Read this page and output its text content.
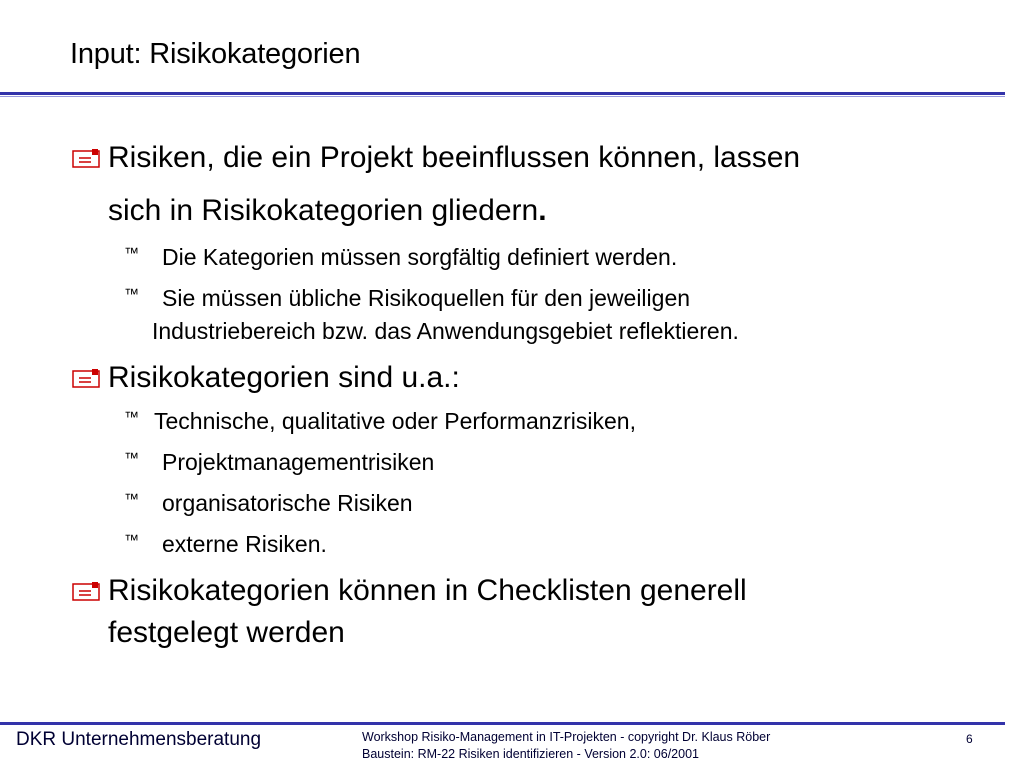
Input: Risikokategorien
Risiken, die ein Projekt beeinflussen können, lassen
sich in Risikokategorien gliedern.
™ Die Kategorien müssen sorgfältig definiert werden.
™ Sie müssen übliche Risikoquellen für den jeweiligen
Industriebereich bzw. das Anwendungsgebiet reflektieren.
Risikokategorien sind u.a.:
™ Technische, qualitative oder Performanzrisiken,
™ Projektmanagementrisiken
™ organisatorische Risiken
™ externe Risiken.
Risikokategorien können in Checklisten generell
festgelegt werden
DKR Unternehmensberatung	Workshop Risiko-Management in IT-Projekten - copyright Dr. Klaus Röber
Baustein: RM-22 Risiken identifizieren - Version 2.0: 06/2001
6
